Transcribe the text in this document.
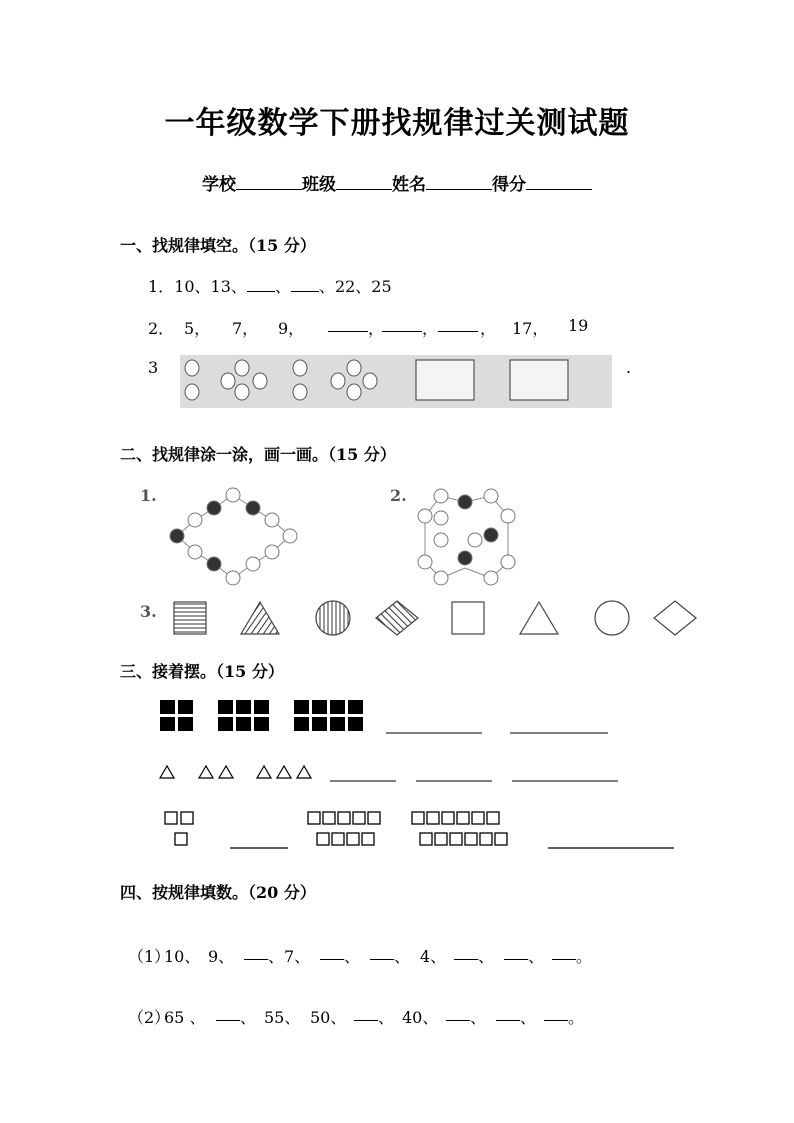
一年级数学下册找规律过关测试题
学校	班级	姓名	得分
一、找规律填空。（15 分）
1．10、13、 、 、22、25
2． 5， 7， 9，	， ，	， 17， 19
3	.
二、找规律涂一涂，画一画。（15 分）
1.	2.
3.
三、接着摆。（15 分）
四、按规律填数。（20 分）
（1）
10、 9、 、7、 、 、 4、 、 、 。
（2）
65 、 、 55、 50、 、 40、 、 、 。
